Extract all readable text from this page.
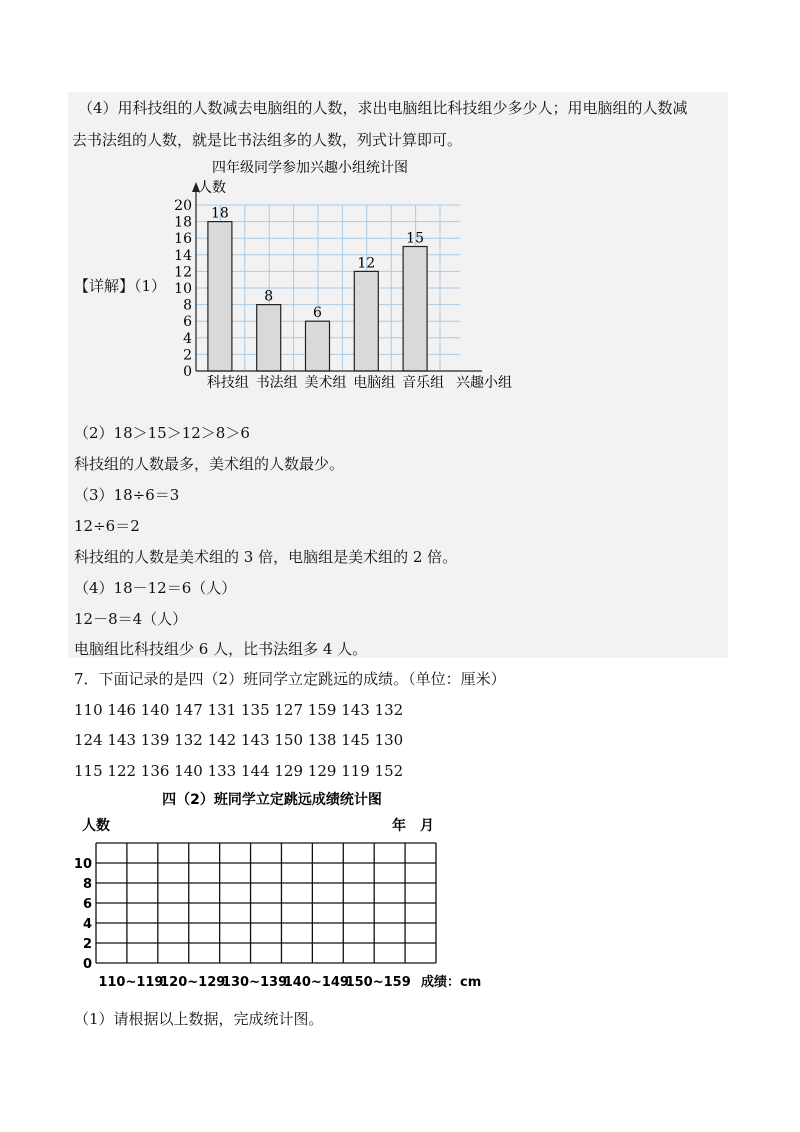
（4）用科技组的人数减去电脑组的人数，求出电脑组比科技组少多少人；用电脑组的人数减
去书法组的人数，就是比书法组多的人数，列式计算即可。
【详解】（1）
四年级同学参加兴趣小组统计图
人数
18
8
6
12
15
0
2
4
6
8
10
12
14
16
18
20
科技组 书法组 美术组 电脑组 音乐组 兴趣小组
（2）18＞15＞12＞8＞6
科技组的人数最多，美术组的人数最少。
（3）18÷6＝3
12÷6＝2
科技组的人数是美术组的 3 倍，电脑组是美术组的 2 倍。
（4）18－12＝6（人）
12－8＝4（人）
电脑组比科技组少 6 人，比书法组多 4 人。
7．下面记录的是四（2）班同学立定跳远的成绩。（单位：厘米）
110 146 140 147 131 135 127 159 143 132
124 143 139 132 142 143 150 138 145 130
115 122 136 140 133 144 129 129 119 152
四（2）班同学立定跳远成绩统计图
人数	年　月
0
2
4
6
8
10
110~119
120~129
130~139
140~149
150~159 成绩：cm
（1）请根据以上数据，完成统计图。
